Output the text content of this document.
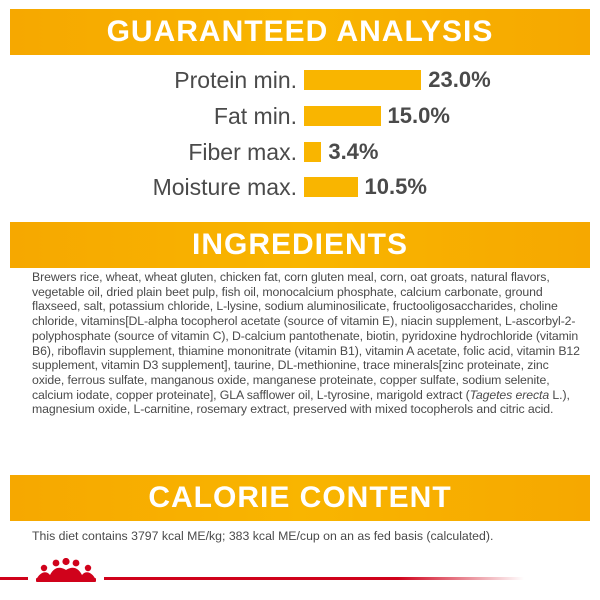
GUARANTEED ANALYSIS
Protein min.	23.0%
Fat min.	15.0%
Fiber max. 3.4%
Moisture max.	10.5%
INGREDIENTS

Brewers rice, wheat, wheat gluten, chicken fat, corn gluten meal, corn, oat groats, natural flavors, vegetable oil, dried plain beet pulp, fish oil, monocalcium phosphate, calcium carbonate, ground flaxseed, salt, potassium chloride, L-lysine, sodium aluminosilicate, fructooligosaccharides, choline chloride, vitamins[DL-alpha tocopherol acetate (source of vitamin E), niacin supplement, L-ascorbyl-2-polyphosphate (source of vitamin C), D-calcium pantothenate, biotin, pyridoxine hydrochloride (vitamin B6), riboflavin supplement, thiamine mononitrate (vitamin B1), vitamin A acetate, folic acid, vitamin B12 supplement, vitamin D3 supplement], taurine, DL-methionine, trace minerals[zinc proteinate, zinc oxide, ferrous sulfate, manganous oxide, manganese proteinate, copper sulfate, sodium selenite, calcium iodate, copper proteinate], GLA safflower oil, L-tyrosine, marigold extract (Tagetes erecta L.), magnesium oxide, L-carnitine, rosemary extract, preserved with mixed tocopherols and citric acid.

CALORIE CONTENT

This diet contains 3797 kcal ME/kg; 383 kcal ME/cup on an as fed basis (calculated).
